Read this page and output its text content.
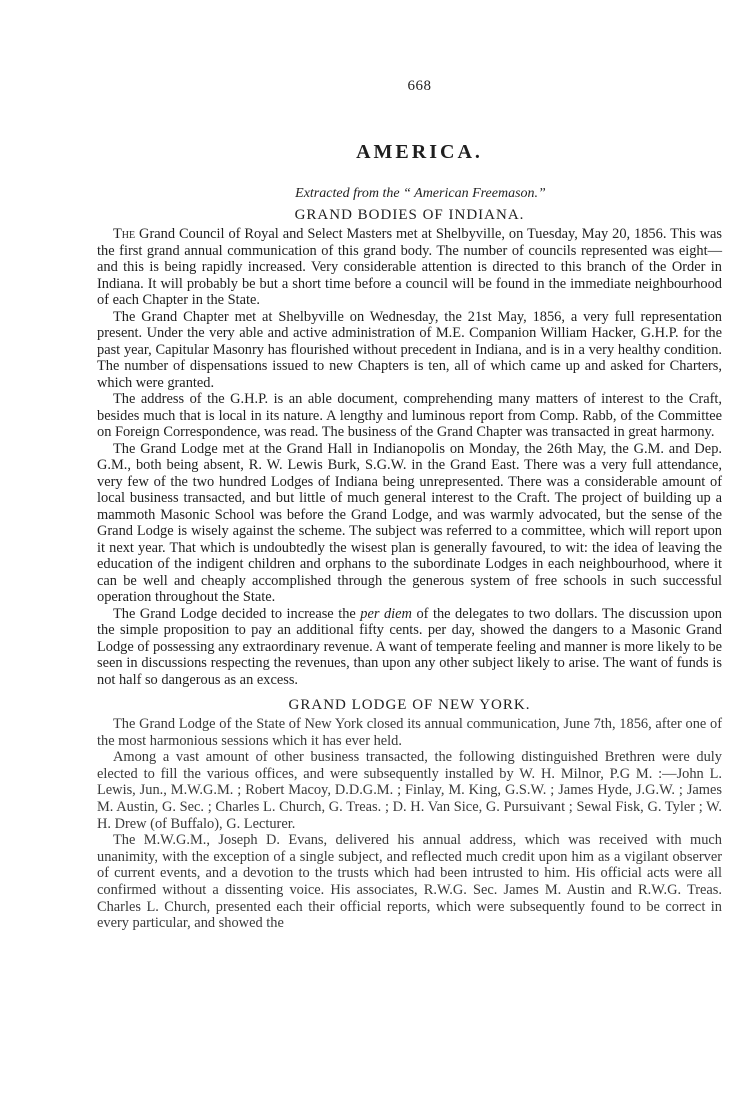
668
AMERICA.
Extracted from the “ American Freemason.”
GRAND BODIES OF INDIANA.

The Grand Council of Royal and Select Masters met at Shelbyville, on Tuesday, May 20, 1856. This was the first grand annual communication of this grand body. The number of councils represented was eight—and this is being rapidly increased. Very considerable attention is directed to this branch of the Order in Indiana. It will probably be but a short time before a council will be found in the immediate neighbourhood of each Chapter in the State.

The Grand Chapter met at Shelbyville on Wednesday, the 21st May, 1856, a very full representation present. Under the very able and active administration of M.E. Companion William Hacker, G.H.P. for the past year, Capitular Masonry has flourished without precedent in Indiana, and is in a very healthy condition. The number of dispensations issued to new Chapters is ten, all of which came up and asked for Charters, which were granted.

The address of the G.H.P. is an able document, comprehending many matters of interest to the Craft, besides much that is local in its nature. A lengthy and luminous report from Comp. Rabb, of the Committee on Foreign Correspondence, was read. The business of the Grand Chapter was transacted in great harmony.

The Grand Lodge met at the Grand Hall in Indianopolis on Monday, the 26th May, the G.M. and Dep. G.M., both being absent, R. W. Lewis Burk, S.G.W. in the Grand East. There was a very full attendance, very few of the two hundred Lodges of Indiana being unrepresented. There was a considerable amount of local business transacted, and but little of much general interest to the Craft. The project of building up a mammoth Masonic School was before the Grand Lodge, and was warmly advocated, but the sense of the Grand Lodge is wisely against the scheme. The subject was referred to a committee, which will report upon it next year. That which is undoubtedly the wisest plan is generally favoured, to wit: the idea of leaving the education of the indigent children and orphans to the subordinate Lodges in each neighbourhood, where it can be well and cheaply accomplished through the generous system of free schools in such successful operation throughout the State.

The Grand Lodge decided to increase the per diem of the delegates to two dollars. The discussion upon the simple proposition to pay an additional fifty cents. per day, showed the dangers to a Masonic Grand Lodge of possessing any extraordinary revenue. A want of temperate feeling and manner is more likely to be seen in discussions respecting the revenues, than upon any other subject likely to arise. The want of funds is not half so dangerous as an excess.

GRAND LODGE OF NEW YORK.

The Grand Lodge of the State of New York closed its annual communication, June 7th, 1856, after one of the most harmonious sessions which it has ever held.

Among a vast amount of other business transacted, the following distinguished Brethren were duly elected to fill the various offices, and were subsequently installed by W. H. Milnor, P.G M. :—John L. Lewis, Jun., M.W.G.M. ; Robert Macoy, D.D.G.M. ; Finlay, M. King, G.S.W. ; James Hyde, J.G.W. ; James M. Austin, G. Sec. ; Charles L. Church, G. Treas. ; D. H. Van Sice, G. Pursuivant ; Sewal Fisk, G. Tyler ; W. H. Drew (of Buffalo), G. Lecturer.

The M.W.G.M., Joseph D. Evans, delivered his annual address, which was received with much unanimity, with the exception of a single subject, and reflected much credit upon him as a vigilant observer of current events, and a devotion to the trusts which had been intrusted to him. His official acts were all confirmed without a dissenting voice. His associates, R.W.G. Sec. James M. Austin and R.W.G. Treas. Charles L. Church, presented each their official reports, which were subsequently found to be correct in every particular, and showed the
